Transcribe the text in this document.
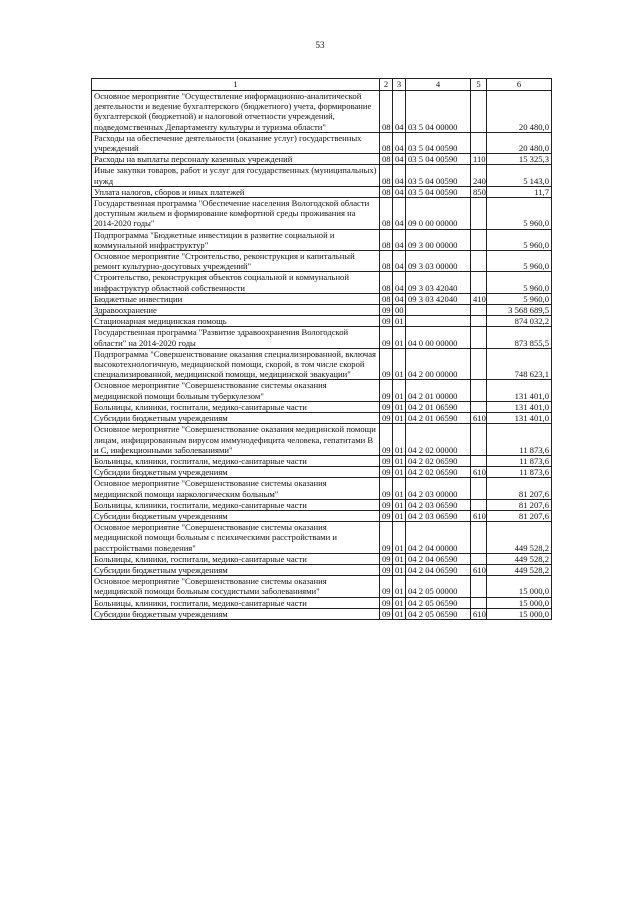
53
1	2	3	4	5	6
Основное мероприятие "Осуществление информационно-аналитической деятельности и ведение бухгалтерского (бюджетного) учета, формирование бухгалтерской (бюджетной) и налоговой отчетности учреждений, подведомственных Департаменту культуры и туризма области"	08	04	03 5 04 00000		20 480,0
Расходы на обеспечение деятельности (оказание услуг) государственных учреждений	08	04	03 5 04 00590		20 480,0
Расходы на выплаты персоналу казенных учреждений	08	04	03 5 04 00590	110	15 325,3
Иные закупки товаров, работ и услуг для государственных (муниципальных) нужд	08	04	03 5 04 00590	240	5 143,0
Уплата налогов, сборов и иных платежей	08	04	03 5 04 00590	850	11,7
Государственная программа "Обеспечение населения Вологодской области доступным жильем и формирование комфортной среды проживания на 2014-2020 годы"	08	04	09 0 00 00000		5 960,0
Подпрограмма "Бюджетные инвестиции в развитие социальной и коммунальной инфраструктур"	08	04	09 3 00 00000		5 960,0
Основное мероприятие "Строительство, реконструкция и капитальный ремонт культурно-досуговых учреждений"	08	04	09 3 03 00000		5 960,0
Строительство, реконструкция объектов социальной и коммунальной инфраструктур областной собственности	08	04	09 3 03 42040		5 960,0
Бюджетные инвестиции	08	04	09 3 03 42040	410	5 960,0
Здравоохранение	09	00			3 568 689,5
Стационарная медицинская помощь	09	01			874 032,2
Государственная программа "Развитие здравоохранения Вологодской области" на 2014-2020 годы	09	01	04 0 00 00000		873 855,5
Подпрограмма "Совершенствование оказания специализированной, включая высокотехнологичную, медицинской помощи, скорой, в том числе скорой специализированной, медицинской помощи, медицинской эвакуации"	09	01	04 2 00 00000		748 623,1
Основное мероприятие "Совершенствование системы оказания медицинской помощи больным туберкулезом"	09	01	04 2 01 00000		131 401,0
Больницы, клиники, госпитали, медико-санитарные части	09	01	04 2 01 06590		131 401,0
Субсидии бюджетным учреждениям	09	01	04 2 01 06590	610	131 401,0
Основное мероприятие "Совершенствование оказания медицинской помощи лицам, инфицированным вирусом иммунодефицита человека, гепатитами В и С, инфекционными заболеваниями"	09	01	04 2 02 00000		11 873,6
Больницы, клиники, госпитали, медико-санитарные части	09	01	04 2 02 06590		11 873,6
Субсидии бюджетным учреждениям	09	01	04 2 02 06590	610	11 873,6
Основное мероприятие "Совершенствование системы оказания медицинской помощи наркологическим больным"	09	01	04 2 03 00000		81 207,6
Больницы, клиники, госпитали, медико-санитарные части	09	01	04 2 03 06590		81 207,6
Субсидии бюджетным учреждениям	09	01	04 2 03 06590	610	81 207,6
Основное мероприятие "Совершенствование системы оказания медицинской помощи больным с психическими расстройствами и расстройствами поведения"	09	01	04 2 04 00000		449 528,2
Больницы, клиники, госпитали, медико-санитарные части	09	01	04 2 04 06590		449 528,2
Субсидии бюджетным учреждениям	09	01	04 2 04 06590	610	449 528,2
Основное мероприятие "Совершенствование системы оказания медицинской помощи больным сосудистыми заболеваниями"	09	01	04 2 05 00000		15 000,0
Больницы, клиники, госпитали, медико-санитарные части	09	01	04 2 05 06590		15 000,0
Субсидии бюджетным учреждениям	09	01	04 2 05 06590	610	15 000,0
